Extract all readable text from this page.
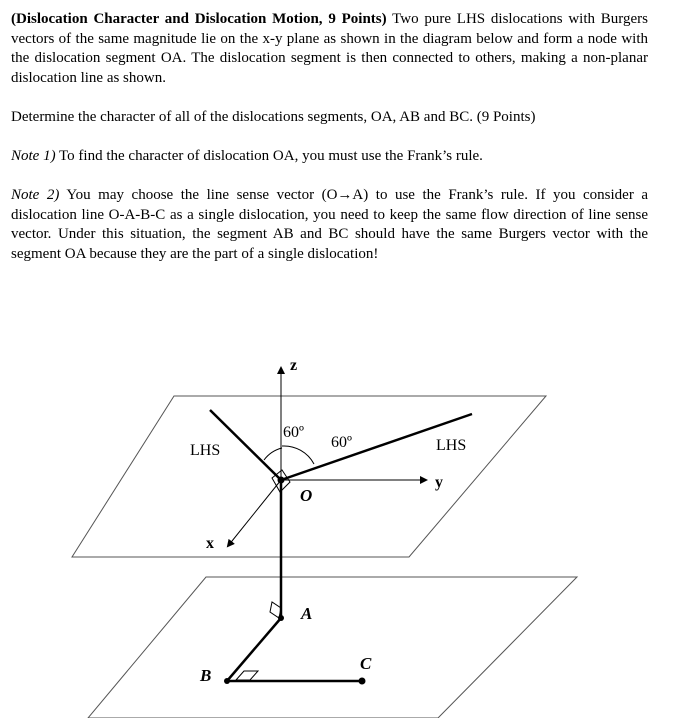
(Dislocation Character and Dislocation Motion, 9 Points) Two pure LHS dislocations with Burgers vectors of the same magnitude lie on the x-y plane as shown in the diagram below and form a node with the dislocation segment OA. The dislocation segment is then connected to others, making a non-planar dislocation line as shown.

Determine the character of all of the dislocations segments, OA, AB and BC. (9 Points)

Note 1) To find the character of dislocation OA, you must use the Frank’s rule.

Note 2) You may choose the line sense vector (O→A) to use the Frank’s rule. If you consider a dislocation line O-A-B-C as a single dislocation, you need to keep the same flow direction of line sense vector. Under this situation, the segment AB and BC should have the same Burgers vector with the segment OA because they are the part of a single dislocation!

z
y
x
LHS	LHS
60º
60º
O
A
B
C
